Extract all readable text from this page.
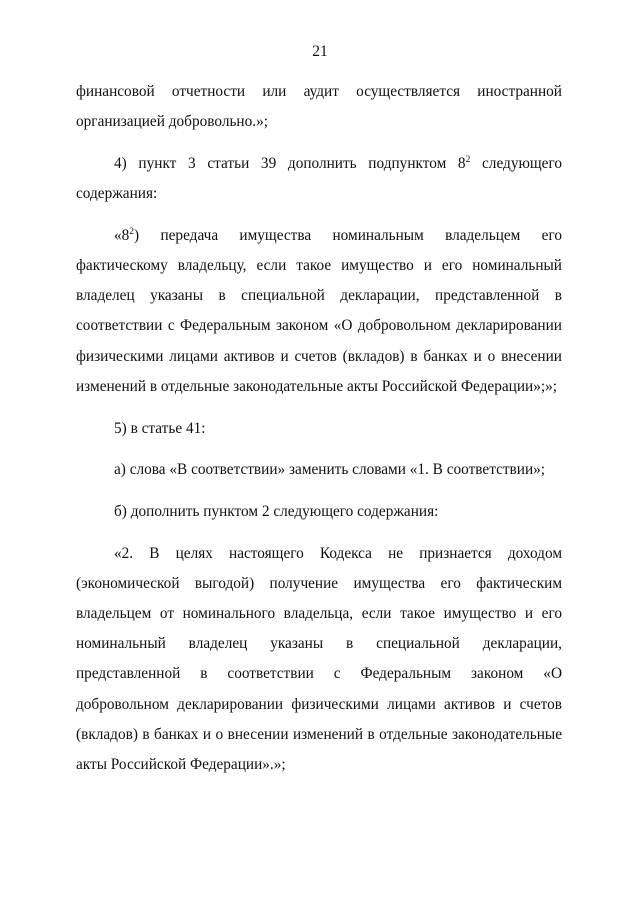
21

финансовой отчетности или аудит осуществляется иностранной организацией добровольно.»;

4) пункт 3 статьи 39 дополнить подпунктом $8^2$ следующего содержания:

«$8^2$) передача имущества номинальным владельцем его фактическому владельцу, если такое имущество и его номинальный владелец указаны в специальной декларации, представленной в соответствии с Федеральным законом «О добровольном декларировании физическими лицами активов и счетов (вкладов) в банках и о внесении изменений в отдельные законодательные акты Российской Федерации»;»;

5) в статье 41:

а) слова «В соответствии» заменить словами «1. В соответствии»;

б) дополнить пунктом 2 следующего содержания:

«2. В целях настоящего Кодекса не признается доходом (экономической выгодой) получение имущества его фактическим владельцем от номинального владельца, если такое имущество и его номинальный владелец указаны в специальной декларации, представленной в соответствии с Федеральным законом «О добровольном декларировании физическими лицами активов и счетов (вкладов) в банках и о внесении изменений в отдельные законодательные акты Российской Федерации».»;
